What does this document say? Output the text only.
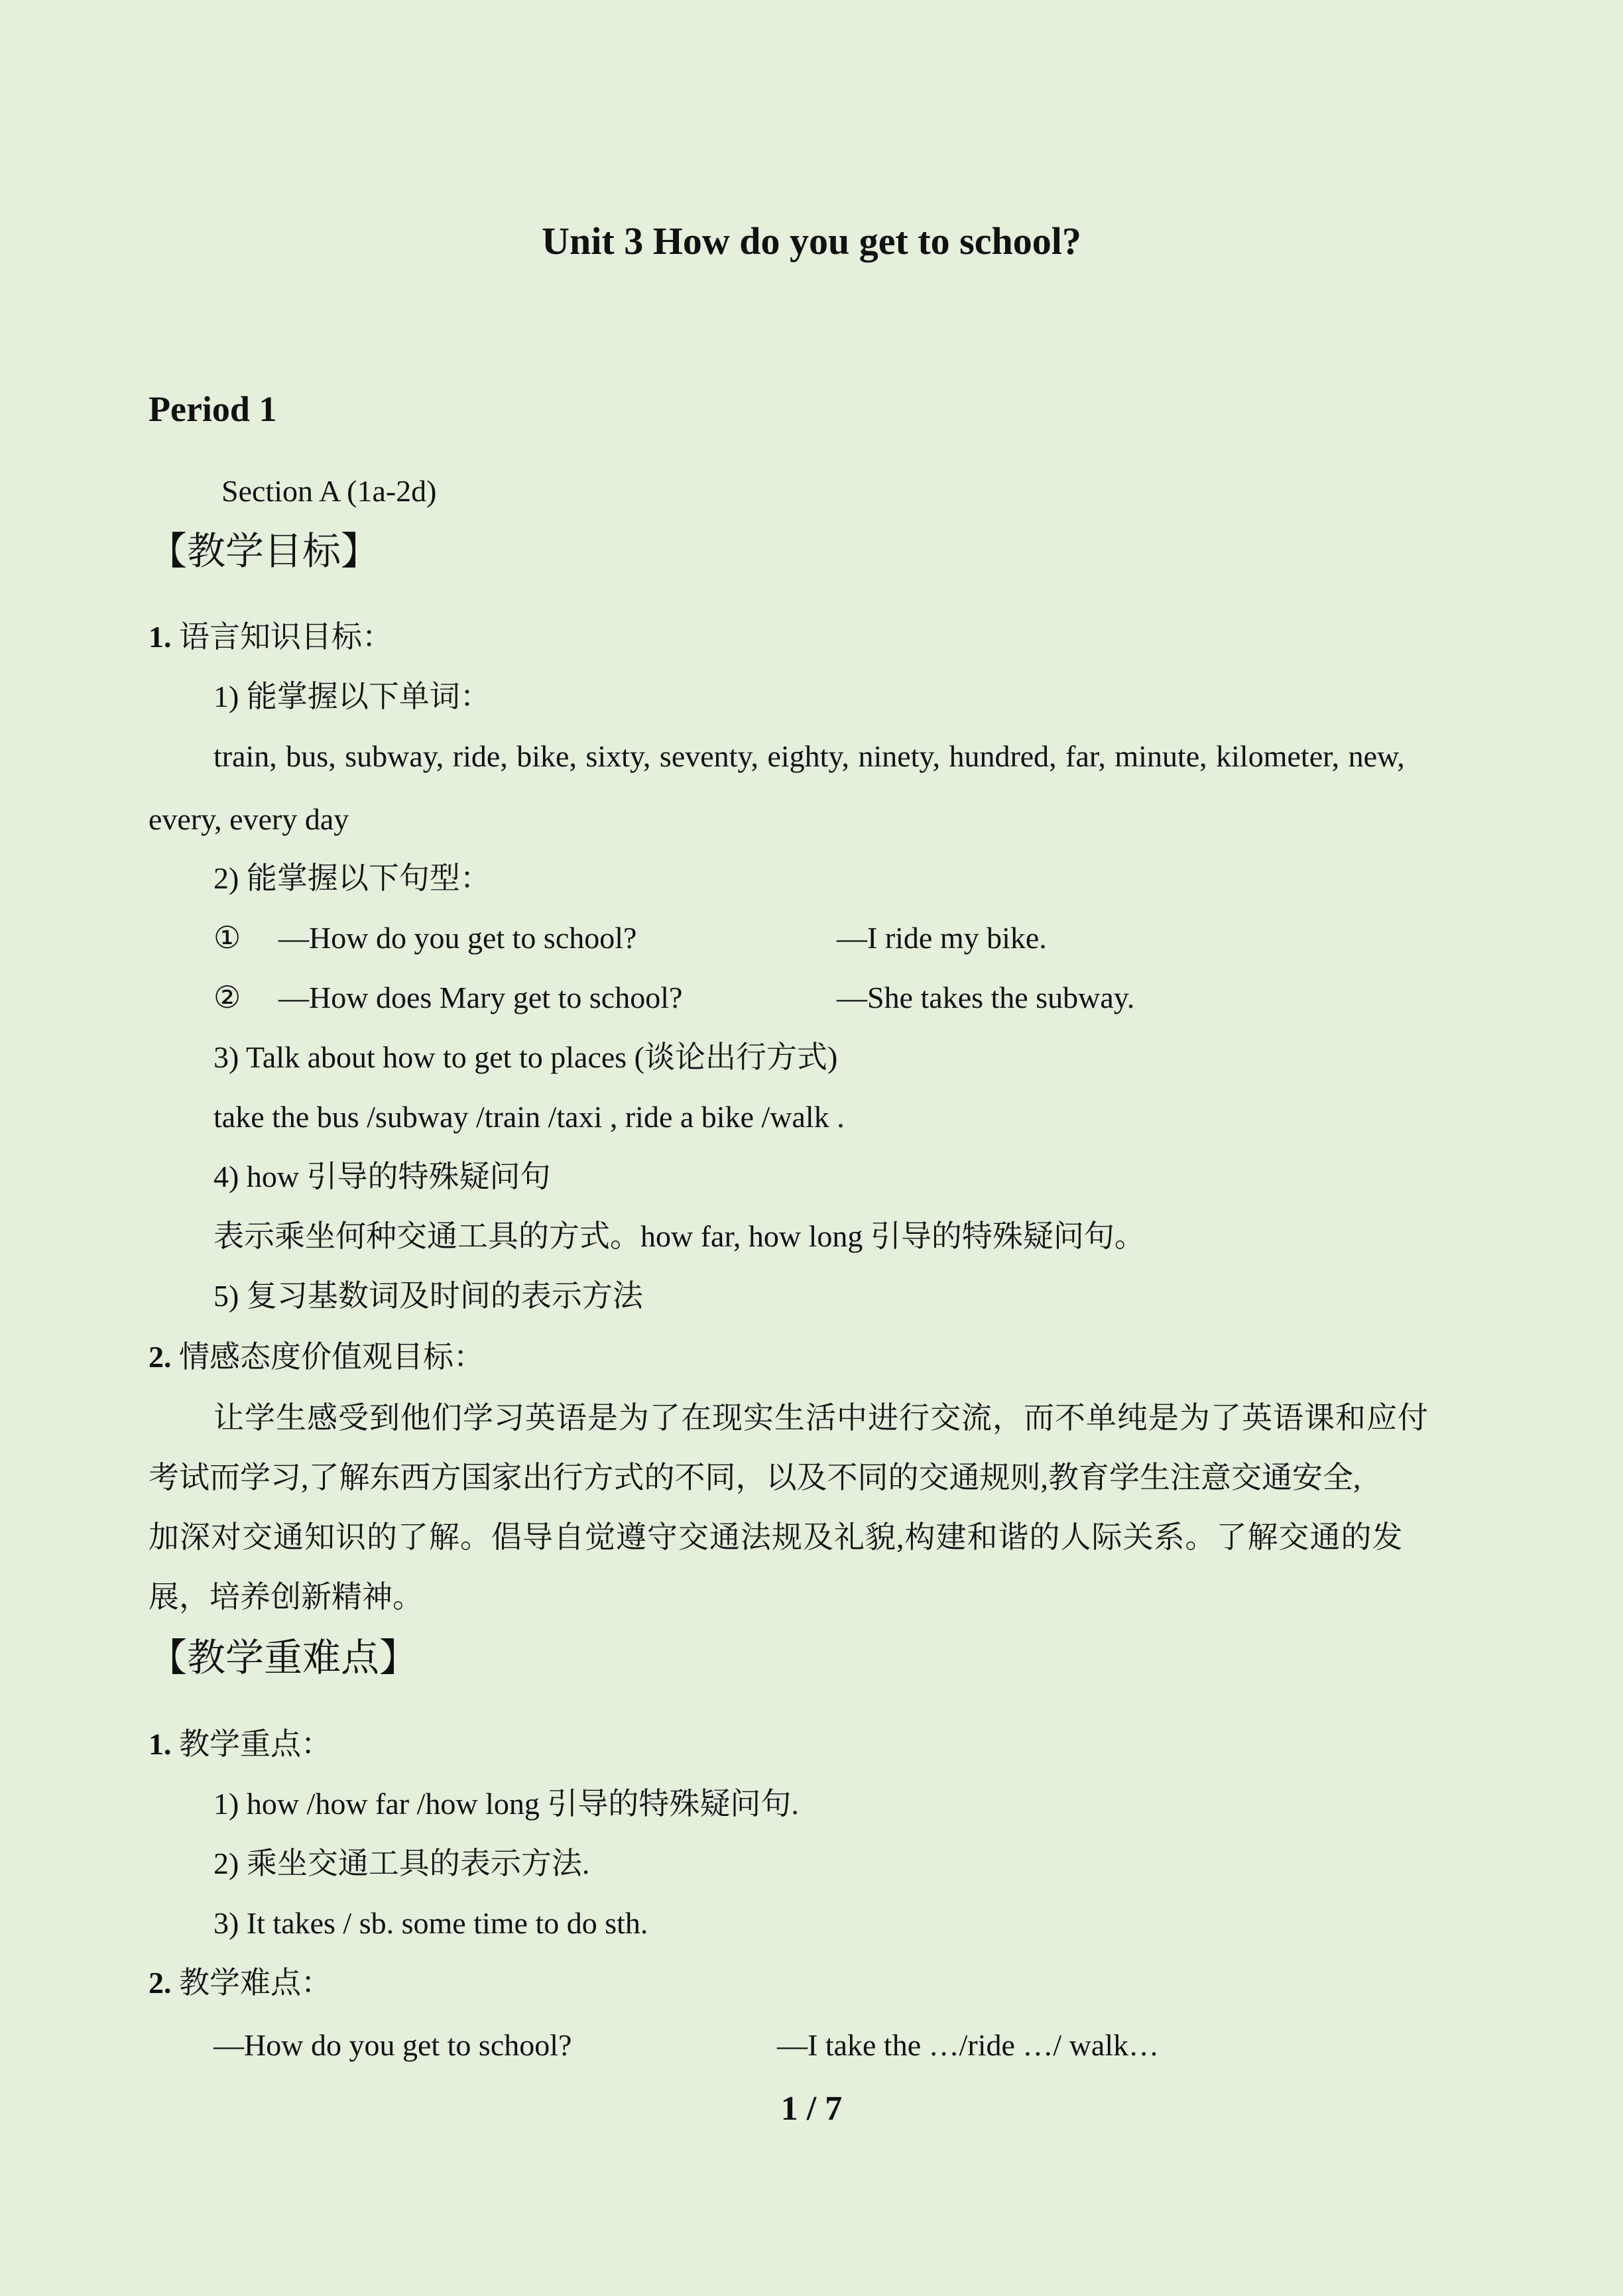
Unit 3 How do you get to school?
Period 1
Section A (1a-2d)
【教学目标】
1. 语言知识目标：
1) 能掌握以下单词：
train, bus, subway, ride, bike, sixty, seventy, eighty, ninety, hundred, far, minute, kilometer, new,
every, every day
2) 能掌握以下句型：
① —How do you get to school?	—I ride my bike.
② —How does Mary get to school?	—She takes the subway.
3) Talk about how to get to places (谈论出行方式)
take the bus /subway /train /taxi , ride a bike /walk .
4) how 引导的特殊疑问句
表示乘坐何种交通工具的方式。how far, how long 引导的特殊疑问句。
5) 复习基数词及时间的表示方法
2. 情感态度价值观目标：
让学生感受到他们学习英语是为了在现实生活中进行交流，而不单纯是为了英语课和应付
考试而学习,了解东西方国家出行方式的不同，以及不同的交通规则,教育学生注意交通安全,
加深对交通知识的了解。倡导自觉遵守交通法规及礼貌,构建和谐的人际关系。了解交通的发
展，培养创新精神。
【教学重难点】
1. 教学重点：
1) how /how far /how long 引导的特殊疑问句.
2) 乘坐交通工具的表示方法.
3) It takes / sb. some time to do sth.
2. 教学难点：
—How do you get to school?	—I take the …/ride …/ walk…
1 / 7
